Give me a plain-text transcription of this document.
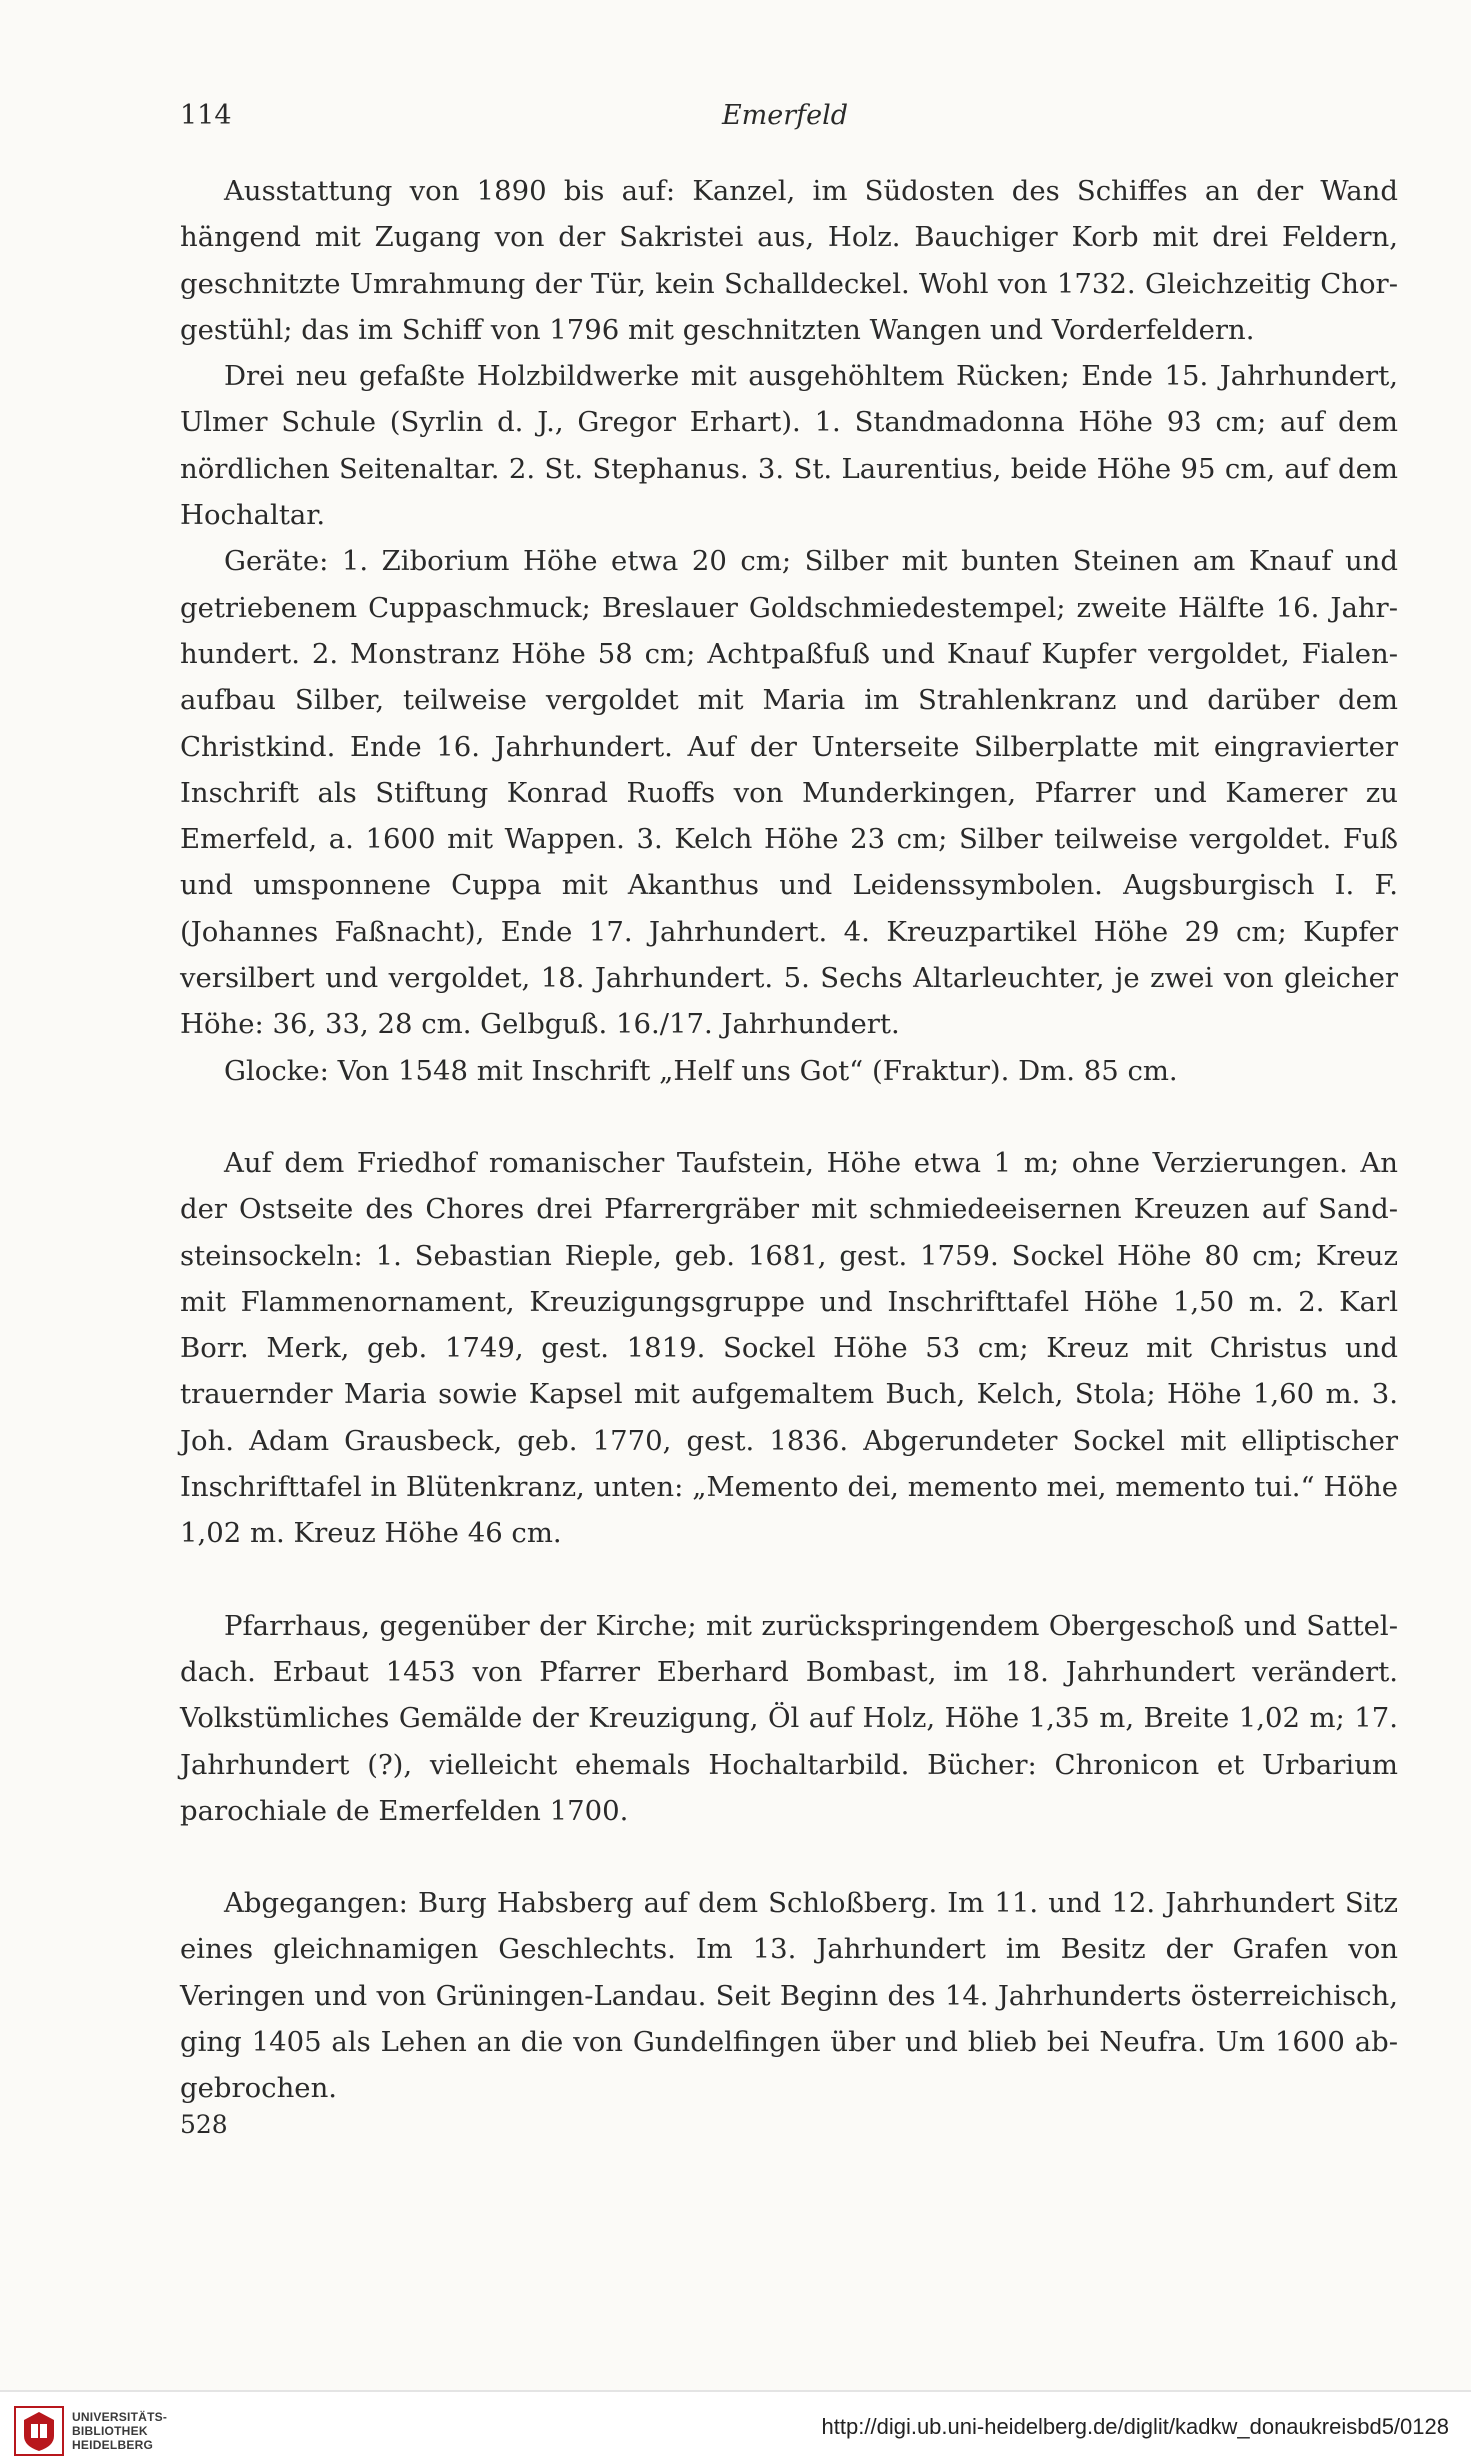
114	Emerfeld

Ausstattung von 1890 bis auf: Kanzel, im Südosten des Schiffes an der Wand hängend mit Zugang von der Sakristei aus, Holz. Bauchiger Korb mit drei Feldern, geschnitzte Umrahmung der Tür, kein Schalldeckel. Wohl von 1732. Gleichzeitig Chorgestühl; das im Schiff von 1796 mit geschnitzten Wangen und Vorderfeldern.

Drei neu gefaßte Holzbildwerke mit ausgehöhltem Rücken; Ende 15. Jahrhundert, Ulmer Schule (Syrlin d. J., Gregor Erhart). 1. Standmadonna Höhe 93 cm; auf dem nördlichen Seitenaltar. 2. St. Stephanus. 3. St. Laurentius, beide Höhe 95 cm, auf dem Hochaltar.

Geräte: 1. Ziborium Höhe etwa 20 cm; Silber mit bunten Steinen am Knauf und getriebenem Cuppaschmuck; Breslauer Goldschmiedestempel; zweite Hälfte 16. Jahrhundert. 2. Monstranz Höhe 58 cm; Achtpaßfuß und Knauf Kupfer vergoldet, Fialenaufbau Silber, teilweise vergoldet mit Maria im Strahlenkranz und darüber dem Christkind. Ende 16. Jahrhundert. Auf der Unterseite Silberplatte mit eingravierter Inschrift als Stiftung Konrad Ruoffs von Munderkingen, Pfarrer und Kamerer zu Emerfeld, a. 1600 mit Wappen. 3. Kelch Höhe 23 cm; Silber teilweise vergoldet. Fuß und umsponnene Cuppa mit Akanthus und Leidenssymbolen. Augsburgisch I. F. (Johannes Faßnacht), Ende 17. Jahrhundert. 4. Kreuzpartikel Höhe 29 cm; Kupfer versilbert und vergoldet, 18. Jahrhundert. 5. Sechs Altarleuchter, je zwei von gleicher Höhe: 36, 33, 28 cm. Gelbguß. 16./17. Jahrhundert.

Glocke: Von 1548 mit Inschrift „Helf uns Got“ (Fraktur). Dm. 85 cm.

Auf dem Friedhof romanischer Taufstein, Höhe etwa 1 m; ohne Verzierungen. An der Ostseite des Chores drei Pfarrergräber mit schmiedeeisernen Kreuzen auf Sandsteinsockeln: 1. Sebastian Rieple, geb. 1681, gest. 1759. Sockel Höhe 80 cm; Kreuz mit Flammenornament, Kreuzigungsgruppe und Inschrifttafel Höhe 1,50 m. 2. Karl Borr. Merk, geb. 1749, gest. 1819. Sockel Höhe 53 cm; Kreuz mit Christus und trauernder Maria sowie Kapsel mit aufgemaltem Buch, Kelch, Stola; Höhe 1,60 m. 3. Joh. Adam Grausbeck, geb. 1770, gest. 1836. Abgerundeter Sockel mit elliptischer Inschrifttafel in Blütenkranz, unten: „Memento dei, memento mei, memento tui.“ Höhe 1,02 m. Kreuz Höhe 46 cm.

Pfarrhaus, gegenüber der Kirche; mit zurückspringendem Obergeschoß und Satteldach. Erbaut 1453 von Pfarrer Eberhard Bombast, im 18. Jahrhundert verändert. Volkstümliches Gemälde der Kreuzigung, Öl auf Holz, Höhe 1,35 m, Breite 1,02 m; 17. Jahrhundert (?), vielleicht ehemals Hochaltarbild. Bücher: Chronicon et Urbarium parochiale de Emerfelden 1700.

Abgegangen: Burg Habsberg auf dem Schloßberg. Im 11. und 12. Jahrhundert Sitz eines gleichnamigen Geschlechts. Im 13. Jahrhundert im Besitz der Grafen von Veringen und von Grüningen-Landau. Seit Beginn des 14. Jahrhunderts österreichisch, ging 1405 als Lehen an die von Gundelfingen über und blieb bei Neufra. Um 1600 abgebrochen.

528
UNIVERSITÄTS-
BIBLIOTHEK
HEIDELBERG
http://digi.ub.uni-heidelberg.de/diglit/kadkw_donaukreisbd5/0128
